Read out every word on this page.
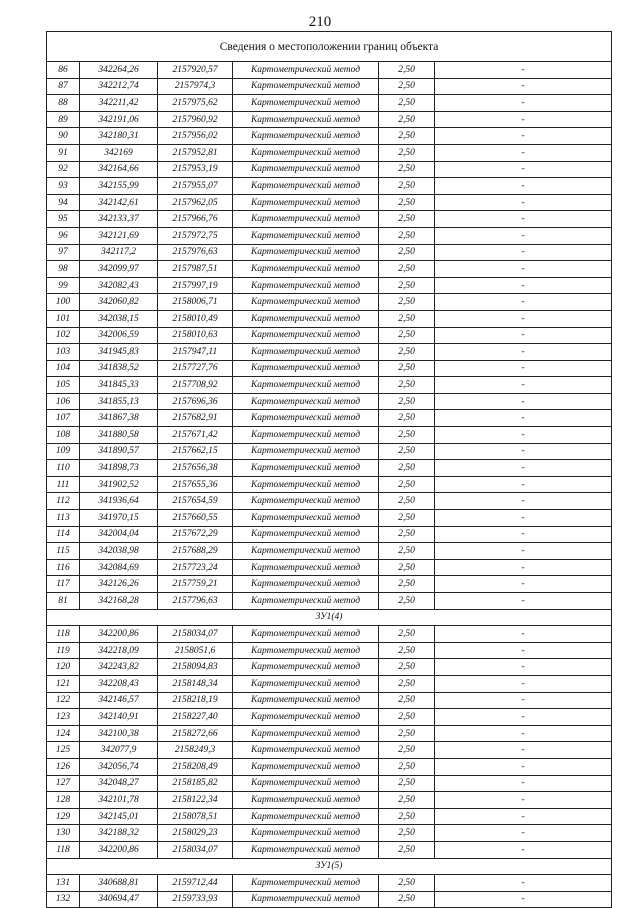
210
Сведения о местоположении границ объекта					
86	342264,26	2157920,57	Картометрический метод	2,50	-
87	342212,74	2157974,3	Картометрический метод	2,50	-
88	342211,42	2157975,62	Картометрический метод	2,50	-
89	342191,06	2157960,92	Картометрический метод	2,50	-
90	342180,31	2157956,02	Картометрический метод	2,50	-
91	342169	2157952,81	Картометрический метод	2,50	-
92	342164,66	2157953,19	Картометрический метод	2,50	-
93	342155,99	2157955,07	Картометрический метод	2,50	-
94	342142,61	2157962,05	Картометрический метод	2,50	-
95	342133,37	2157966,76	Картометрический метод	2,50	-
96	342121,69	2157972,75	Картометрический метод	2,50	-
97	342117,2	2157976,63	Картометрический метод	2,50	-
98	342099,97	2157987,51	Картометрический метод	2,50	-
99	342082,43	2157997,19	Картометрический метод	2,50	-
100	342060,82	2158006,71	Картометрический метод	2,50	-
101	342038,15	2158010,49	Картометрический метод	2,50	-
102	342006,59	2158010,63	Картометрический метод	2,50	-
103	341945,83	2157947,11	Картометрический метод	2,50	-
104	341838,52	2157727,76	Картометрический метод	2,50	-
105	341845,33	2157708,92	Картометрический метод	2,50	-
106	341855,13	2157696,36	Картометрический метод	2,50	-
107	341867,38	2157682,91	Картометрический метод	2,50	-
108	341880,58	2157671,42	Картометрический метод	2,50	-
109	341890,57	2157662,15	Картометрический метод	2,50	-
110	341898,73	2157656,38	Картометрический метод	2,50	-
111	341902,52	2157655,36	Картометрический метод	2,50	-
112	341936,64	2157654,59	Картометрический метод	2,50	-
113	341970,15	2157660,55	Картометрический метод	2,50	-
114	342004,04	2157672,29	Картометрический метод	2,50	-
115	342038,98	2157688,29	Картометрический метод	2,50	-
116	342084,69	2157723,24	Картометрический метод	2,50	-
117	342126,26	2157759,21	Картометрический метод	2,50	-
81	342168,28	2157796,63	Картометрический метод	2,50	-
ЗУ1(4)					
118	342200,86	2158034,07	Картометрический метод	2,50	-
119	342218,09	2158051,6	Картометрический метод	2,50	-
120	342243,82	2158094,83	Картометрический метод	2,50	-
121	342208,43	2158148,34	Картометрический метод	2,50	-
122	342146,57	2158218,19	Картометрический метод	2,50	-
123	342140,91	2158227,40	Картометрический метод	2,50	-
124	342100,38	2158272,66	Картометрический метод	2,50	-
125	342077,9	2158249,3	Картометрический метод	2,50	-
126	342056,74	2158208,49	Картометрический метод	2,50	-
127	342048,27	2158185,82	Картометрический метод	2,50	-
128	342101,78	2158122,34	Картометрический метод	2,50	-
129	342145,01	2158078,51	Картометрический метод	2,50	-
130	342188,32	2158029,23	Картометрический метод	2,50	-
118	342200,86	2158034,07	Картометрический метод	2,50	-
ЗУ1(5)					
131	340688,81	2159712,44	Картометрический метод	2,50	-
132	340694,47	2159733,93	Картометрический метод	2,50	-
